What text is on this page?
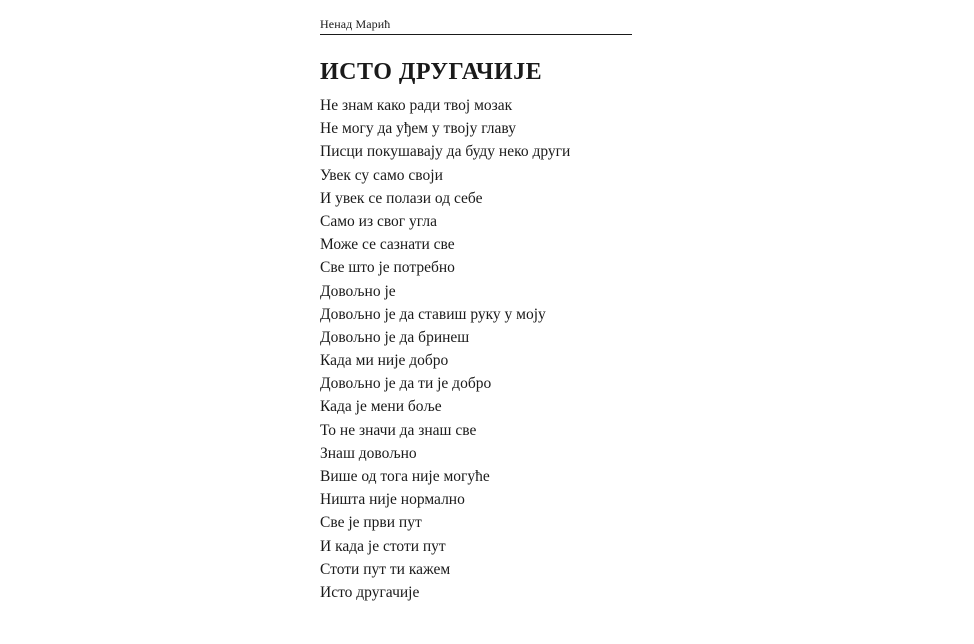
Ненад Марић
ИСТО ДРУГАЧИЈЕ
Не знам како ради твој мозак
Не могу да уђем у твоју главу
Писци покушавају да буду неко други
Увек су само своји
И увек се полази од себе
Само из свог угла
Може се сазнати све
Све што је потребно
Довољно је
Довољно је да ставиш руку у моју
Довољно је да бринеш
Када ми није добро
Довољно је да ти је добро
Када је мени боље
То не значи да знаш све
Знаш довољно
Више од тога није могуће
Ништа није нормално
Све је први пут
И када је стоти пут
Стоти пут ти кажем
Исто другачије
